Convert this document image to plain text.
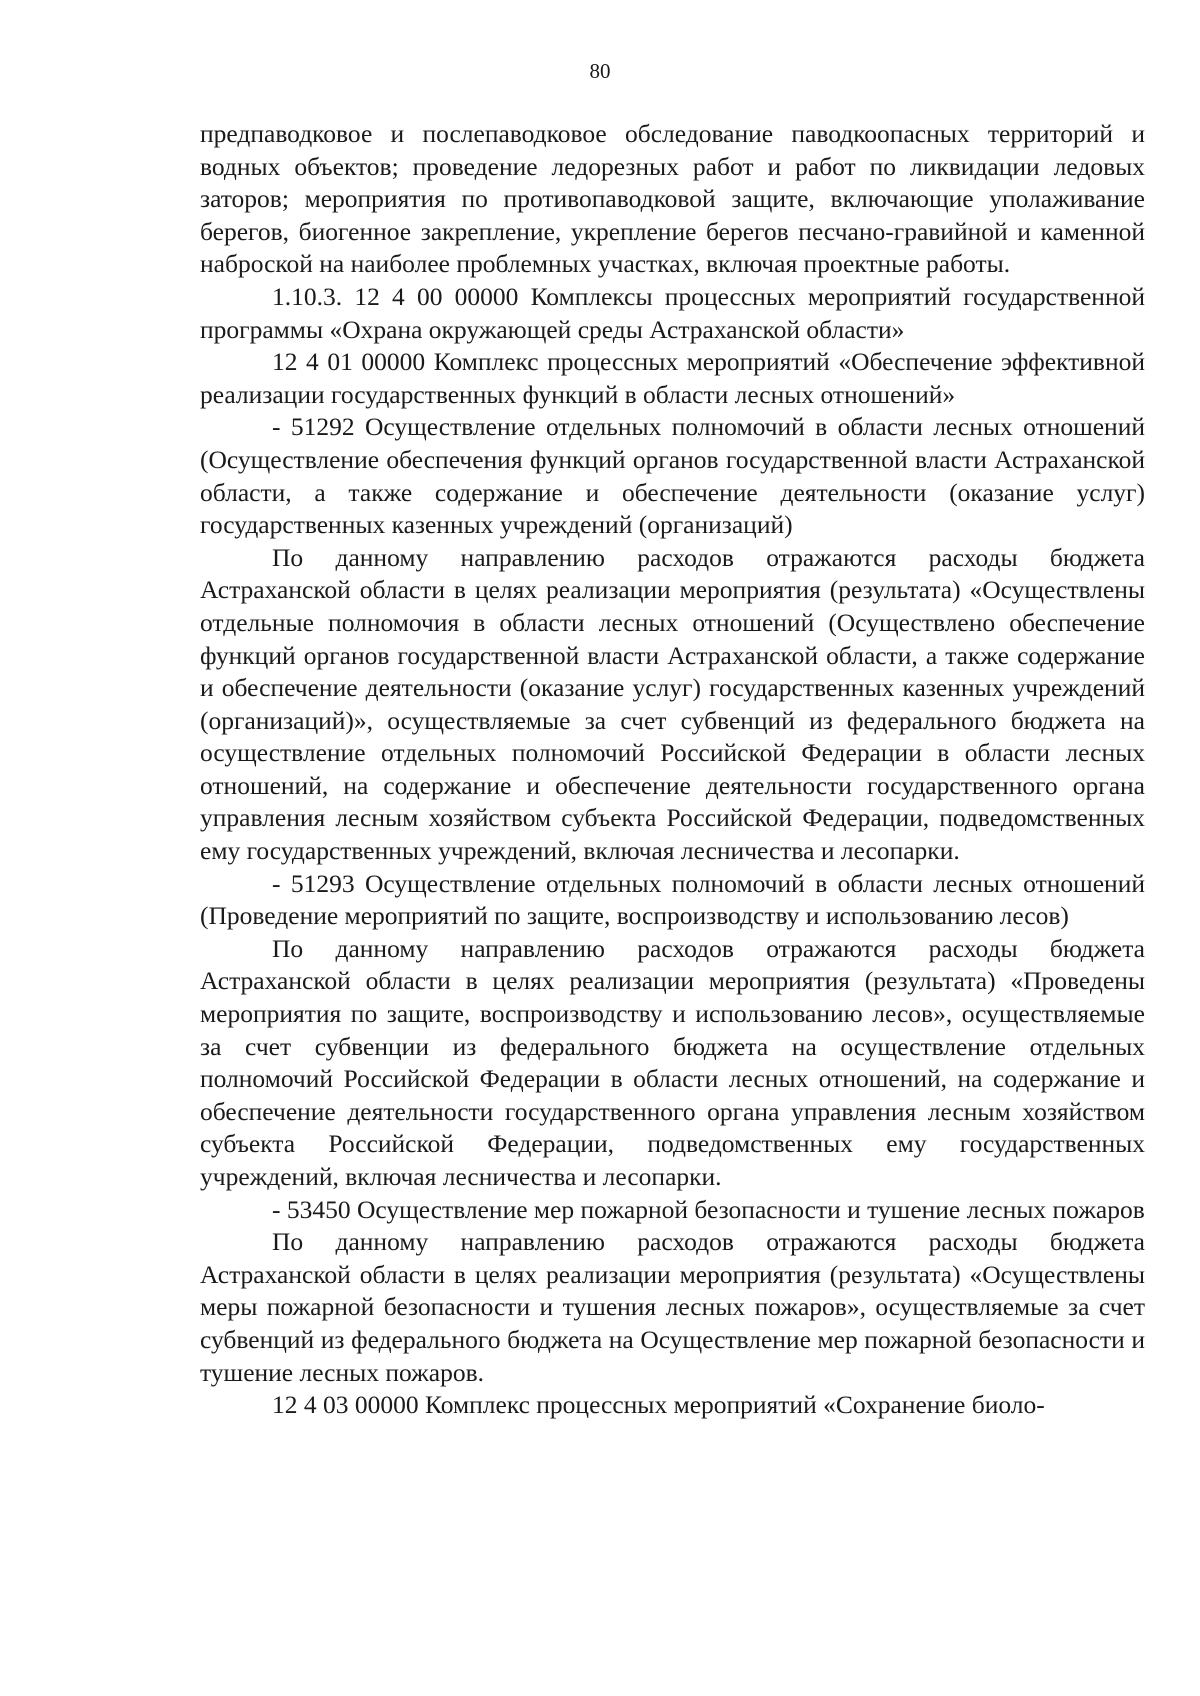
80

предпаводковое и послепаводковое обследование паводкоопасных территорий и водных объектов; проведение ледорезных работ и работ по ликвидации ледовых заторов; мероприятия по противопаводковой защите, включающие уполаживание берегов, биогенное закрепление, укрепление берегов песчано-гравийной и каменной наброской на наиболее проблемных участках, включая проектные работы.

1.10.3. 12 4 00 00000 Комплексы процессных мероприятий государственной программы «Охрана окружающей среды Астраханской области»

12 4 01 00000 Комплекс процессных мероприятий «Обеспечение эффективной реализации государственных функций в области лесных отношений»

- 51292 Осуществление отдельных полномочий в области лесных отношений (Осуществление обеспечения функций органов государственной власти Астраханской области, а также содержание и обеспечение деятельности (оказание услуг) государственных казенных учреждений (организаций)

По данному направлению расходов отражаются расходы бюджета Астраханской области в целях реализации мероприятия (результата) «Осуществлены отдельные полномочия в области лесных отношений (Осуществлено обеспечение функций органов государственной власти Астраханской области, а также содержание и обеспечение деятельности (оказание услуг) государственных казенных учреждений (организаций)», осуществляемые за счет субвенций из федерального бюджета на осуществление отдельных полномочий Российской Федерации в области лесных отношений, на содержание и обеспечение деятельности государственного органа управления лесным хозяйством субъекта Российской Федерации, подведомственных ему государственных учреждений, включая лесничества и лесопарки.

- 51293 Осуществление отдельных полномочий в области лесных отношений (Проведение мероприятий по защите, воспроизводству и использованию лесов)

По данному направлению расходов отражаются расходы бюджета Астраханской области в целях реализации мероприятия (результата) «Проведены мероприятия по защите, воспроизводству и использованию лесов», осуществляемые за счет субвенции из федерального бюджета на осуществление отдельных полномочий Российской Федерации в области лесных отношений, на содержание и обеспечение деятельности государственного органа управления лесным хозяйством субъекта Российской Федерации, подведомственных ему государственных учреждений, включая лесничества и лесопарки.

- 53450 Осуществление мер пожарной безопасности и тушение лесных пожаров

По данному направлению расходов отражаются расходы бюджета Астраханской области в целях реализации мероприятия (результата) «Осуществлены меры пожарной безопасности и тушения лесных пожаров», осуществляемые за счет субвенций из федерального бюджета на Осуществление мер пожарной безопасности и тушение лесных пожаров.

12 4 03 00000 Комплекс процессных мероприятий «Сохранение биоло-
